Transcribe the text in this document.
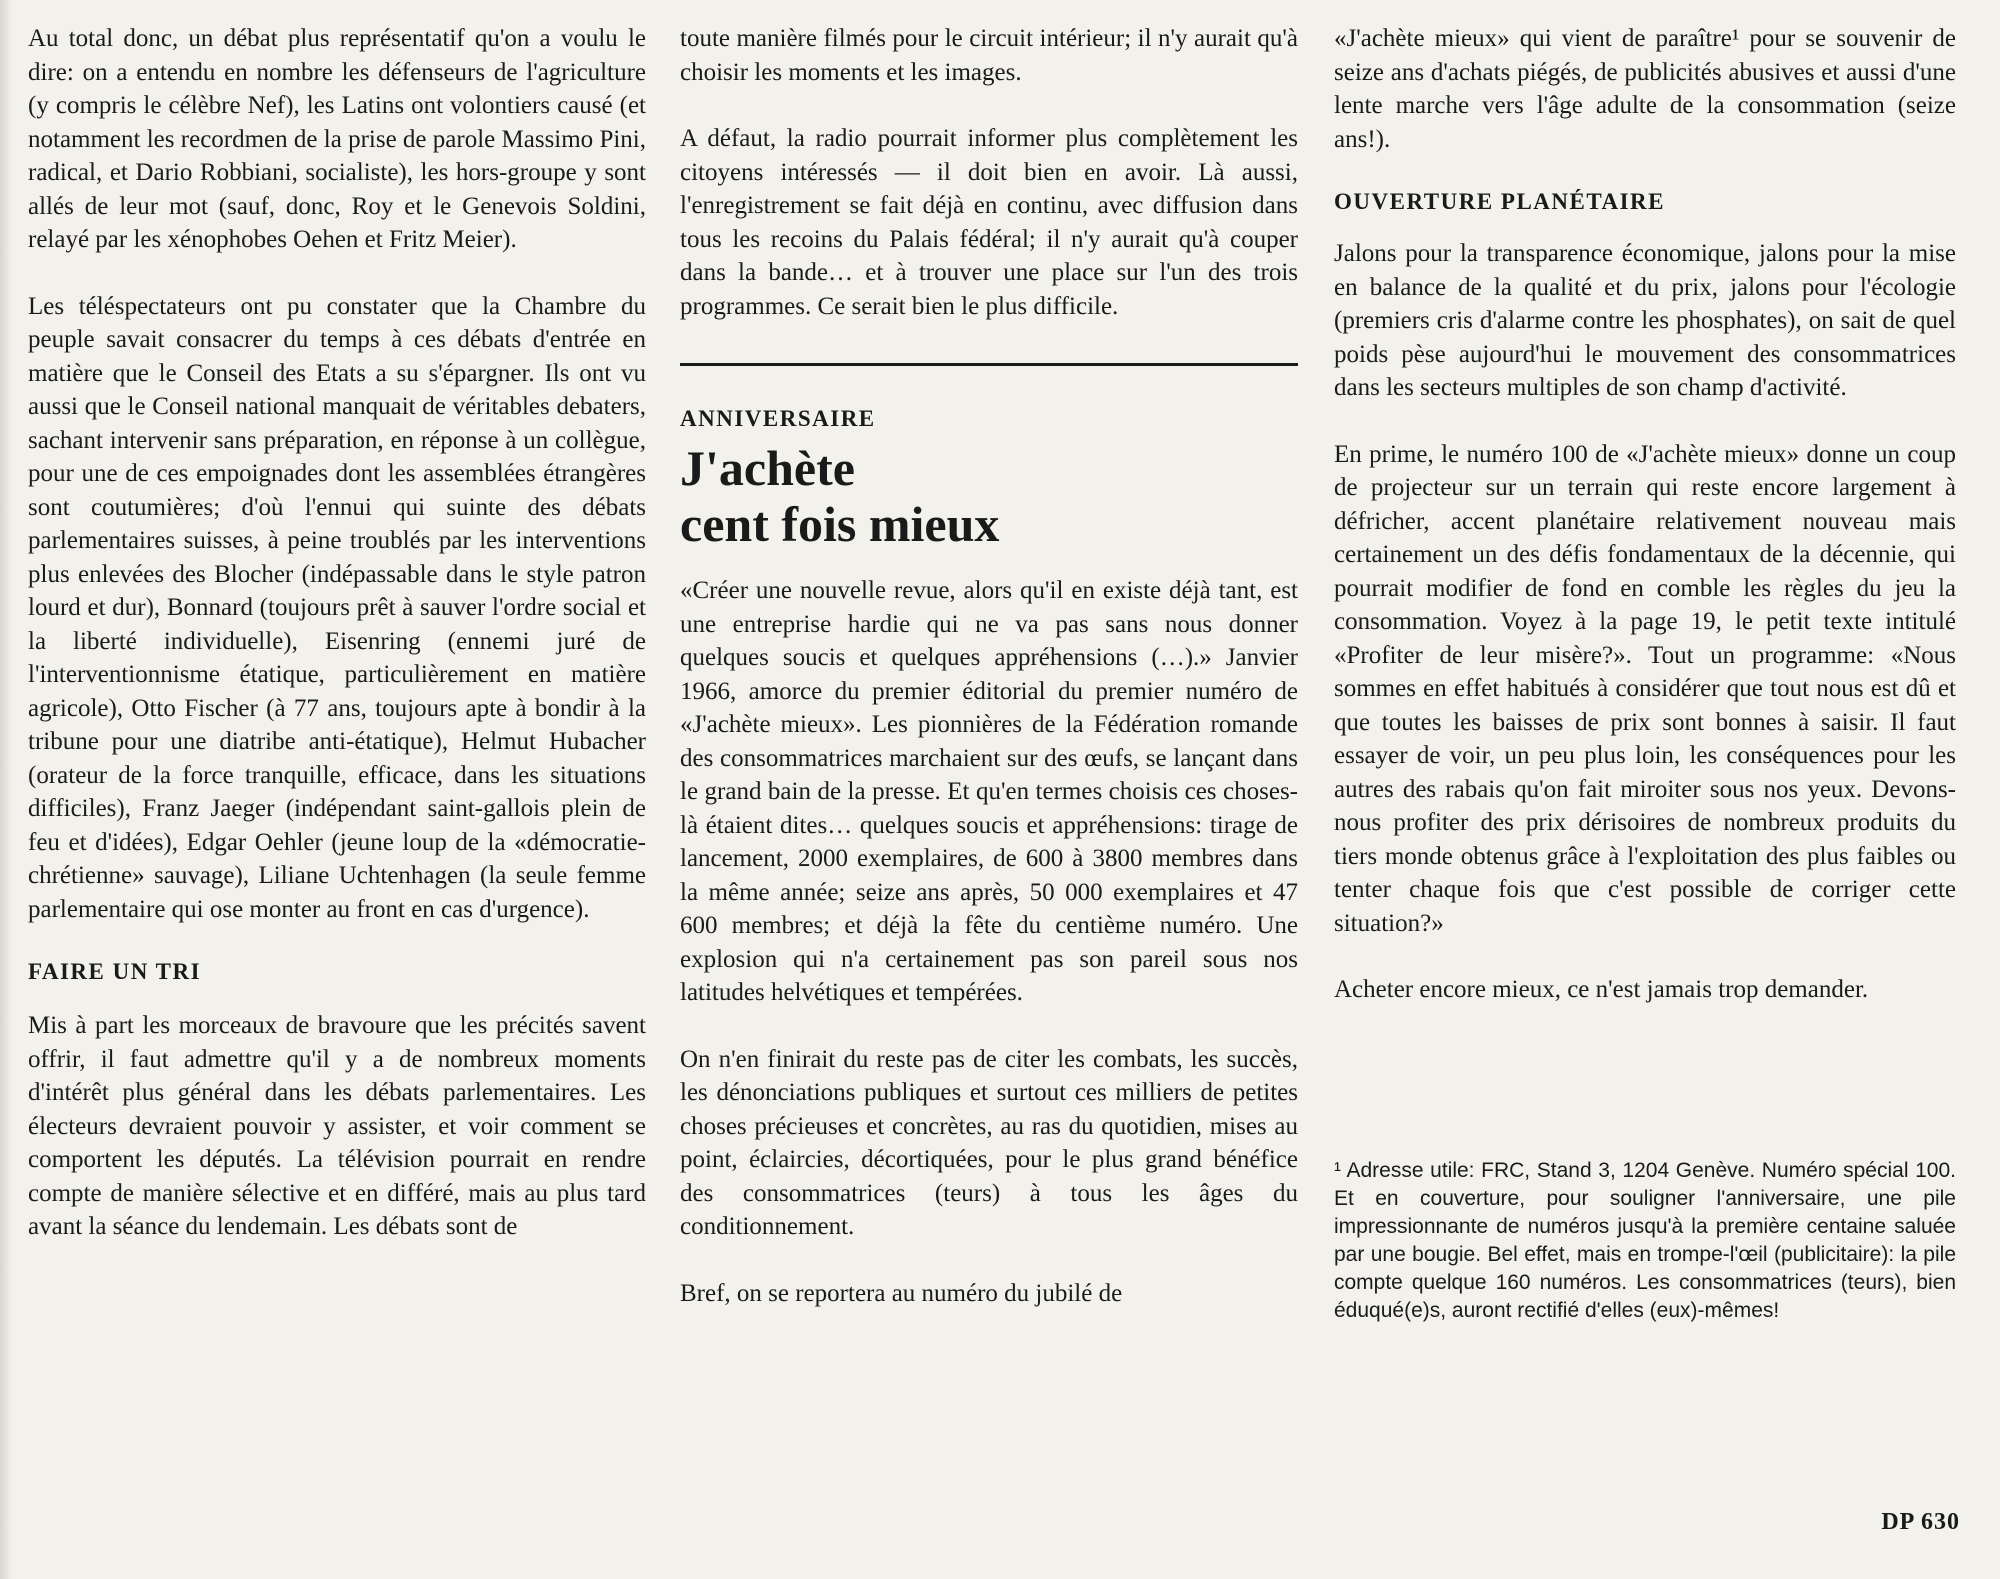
Au total donc, un débat plus représentatif qu'on a voulu le dire: on a entendu en nombre les défenseurs de l'agriculture (y compris le célèbre Nef), les Latins ont volontiers causé (et notamment les recordmen de la prise de parole Massimo Pini, radical, et Dario Robbiani, socialiste), les hors-groupe y sont allés de leur mot (sauf, donc, Roy et le Genevois Soldini, relayé par les xénophobes Oehen et Fritz Meier).

Les téléspectateurs ont pu constater que la Chambre du peuple savait consacrer du temps à ces débats d'entrée en matière que le Conseil des Etats a su s'épargner. Ils ont vu aussi que le Conseil national manquait de véritables debaters, sachant intervenir sans préparation, en réponse à un collègue, pour une de ces empoignades dont les assemblées étrangères sont coutumières; d'où l'ennui qui suinte des débats parlementaires suisses, à peine troublés par les interventions plus enlevées des Blocher (indépassable dans le style patron lourd et dur), Bonnard (toujours prêt à sauver l'ordre social et la liberté individuelle), Eisenring (ennemi juré de l'interventionnisme étatique, particulièrement en matière agricole), Otto Fischer (à 77 ans, toujours apte à bondir à la tribune pour une diatribe anti-étatique), Helmut Hubacher (orateur de la force tranquille, efficace, dans les situations difficiles), Franz Jaeger (indépendant saint-gallois plein de feu et d'idées), Edgar Oehler (jeune loup de la «démocratie-chrétienne» sauvage), Liliane Uchtenhagen (la seule femme parlementaire qui ose monter au front en cas d'urgence).

FAIRE UN TRI

Mis à part les morceaux de bravoure que les précités savent offrir, il faut admettre qu'il y a de nombreux moments d'intérêt plus général dans les débats parlementaires. Les électeurs devraient pouvoir y assister, et voir comment se comportent les députés. La télévision pourrait en rendre compte de manière sélective et en différé, mais au plus tard avant la séance du lendemain. Les débats sont de

toute manière filmés pour le circuit intérieur; il n'y aurait qu'à choisir les moments et les images.

A défaut, la radio pourrait informer plus complètement les citoyens intéressés — il doit bien en avoir. Là aussi, l'enregistrement se fait déjà en continu, avec diffusion dans tous les recoins du Palais fédéral; il n'y aurait qu'à couper dans la bande… et à trouver une place sur l'un des trois programmes. Ce serait bien le plus difficile.

ANNIVERSAIRE
J'achète
cent fois mieux

«Créer une nouvelle revue, alors qu'il en existe déjà tant, est une entreprise hardie qui ne va pas sans nous donner quelques soucis et quelques appréhensions (…).» Janvier 1966, amorce du premier éditorial du premier numéro de «J'achète mieux». Les pionnières de la Fédération romande des consommatrices marchaient sur des œufs, se lançant dans le grand bain de la presse. Et qu'en termes choisis ces choses-là étaient dites… quelques soucis et appréhensions: tirage de lancement, 2000 exemplaires, de 600 à 3800 membres dans la même année; seize ans après, 50 000 exemplaires et 47 600 membres; et déjà la fête du centième numéro. Une explosion qui n'a certainement pas son pareil sous nos latitudes helvétiques et tempérées.

On n'en finirait du reste pas de citer les combats, les succès, les dénonciations publiques et surtout ces milliers de petites choses précieuses et concrètes, au ras du quotidien, mises au point, éclaircies, décortiquées, pour le plus grand bénéfice des consommatrices (teurs) à tous les âges du conditionnement.

Bref, on se reportera au numéro du jubilé de

«J'achète mieux» qui vient de paraître¹ pour se souvenir de seize ans d'achats piégés, de publicités abusives et aussi d'une lente marche vers l'âge adulte de la consommation (seize ans!).

OUVERTURE PLANÉTAIRE

Jalons pour la transparence économique, jalons pour la mise en balance de la qualité et du prix, jalons pour l'écologie (premiers cris d'alarme contre les phosphates), on sait de quel poids pèse aujourd'hui le mouvement des consommatrices dans les secteurs multiples de son champ d'activité.

En prime, le numéro 100 de «J'achète mieux» donne un coup de projecteur sur un terrain qui reste encore largement à défricher, accent planétaire relativement nouveau mais certainement un des défis fondamentaux de la décennie, qui pourrait modifier de fond en comble les règles du jeu la consommation. Voyez à la page 19, le petit texte intitulé «Profiter de leur misère?». Tout un programme: «Nous sommes en effet habitués à considérer que tout nous est dû et que toutes les baisses de prix sont bonnes à saisir. Il faut essayer de voir, un peu plus loin, les conséquences pour les autres des rabais qu'on fait miroiter sous nos yeux. Devons-nous profiter des prix dérisoires de nombreux produits du tiers monde obtenus grâce à l'exploitation des plus faibles ou tenter chaque fois que c'est possible de corriger cette situation?»

Acheter encore mieux, ce n'est jamais trop demander.

¹ Adresse utile: FRC, Stand 3, 1204 Genève. Numéro spécial 100. Et en couverture, pour souligner l'anniversaire, une pile impressionnante de numéros jusqu'à la première centaine saluée par une bougie. Bel effet, mais en trompe-l'œil (publicitaire): la pile compte quelque 160 numéros. Les consommatrices (teurs), bien éduqué(e)s, auront rectifié d'elles (eux)-mêmes!

DP 630
